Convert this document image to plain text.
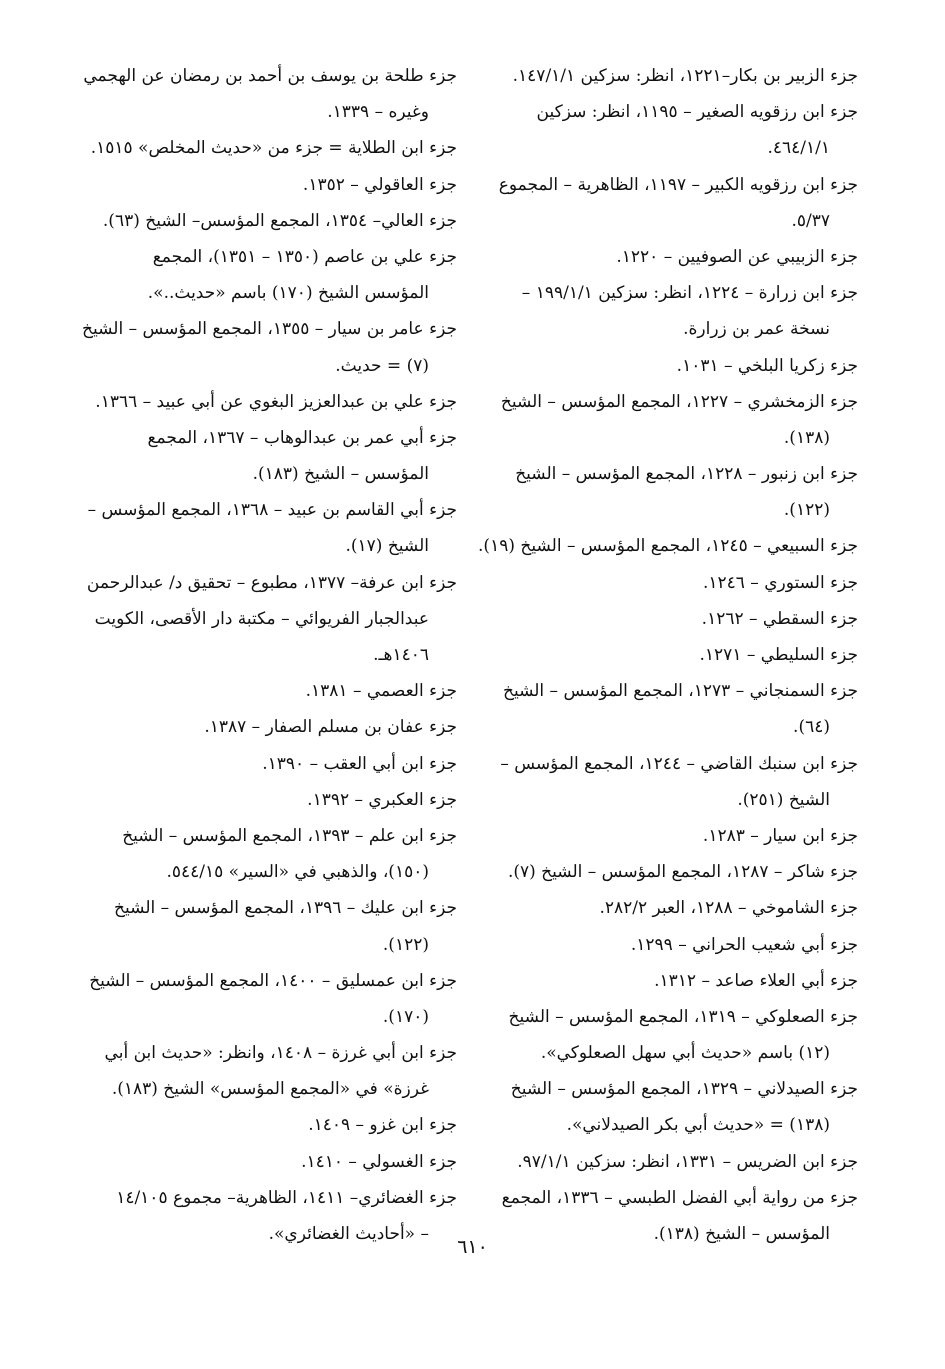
جزء الزبير بن بكار–١٢٢١، انظر: سزكين ١٤٧/١/١.
جزء ابن رزقويه الصغير – ١١٩٥، انظر: سزكين
٤٦٤/١/١.
جزء ابن رزقويه الكبير – ١١٩٧، الظاهرية – المجموع
٥/٣٧.
جزء الزبيبي عن الصوفيين – ١٢٢٠.
جزء ابن زرارة – ١٢٢٤، انظر: سزكين ١٩٩/١/١ –
نسخة عمر بن زرارة.
جزء زكريا البلخي – ١٠٣١.
جزء الزمخشري – ١٢٢٧، المجمع المؤسس – الشيخ
(١٣٨).
جزء ابن زنبور – ١٢٢٨، المجمع المؤسس – الشيخ
(١٢٢).
جزء السبيعي – ١٢٤٥، المجمع المؤسس – الشيخ (١٩).
جزء الستوري – ١٢٤٦.
جزء السقطي – ١٢٦٢.
جزء السليطي – ١٢٧١.
جزء السمنجاني – ١٢٧٣، المجمع المؤسس – الشيخ
(٦٤).
جزء ابن سنبك القاضي – ١٢٤٤، المجمع المؤسس –
الشيخ (٢٥١).
جزء ابن سيار – ١٢٨٣.
جزء شاكر – ١٢٨٧، المجمع المؤسس – الشيخ (٧).
جزء الشاموخي – ١٢٨٨، العبر ٢٨٢/٢.
جزء أبي شعيب الحراني – ١٢٩٩.
جزء أبي العلاء صاعد – ١٣١٢.
جزء الصعلوكي – ١٣١٩، المجمع المؤسس – الشيخ
(١٢) باسم «حديث أبي سهل الصعلوكي».
جزء الصيدلاني – ١٣٢٩، المجمع المؤسس – الشيخ
(١٣٨) = «حديث أبي بكر الصيدلاني».
جزء ابن الضريس – ١٣٣١، انظر: سزكين ٩٧/١/١.
جزء من رواية أبي الفضل الطبسي – ١٣٣٦، المجمع
المؤسس – الشيخ (١٣٨).
جزء طلحة بن يوسف بن أحمد بن رمضان عن الهجمي
وغيره – ١٣٣٩.
جزء ابن الطلاية = جزء من «حديث المخلص» ١٥١٥.
جزء العاقولي – ١٣٥٢.
جزء العالي– ١٣٥٤، المجمع المؤسس– الشيخ (٦٣).
جزء علي بن عاصم (١٣٥٠ – ١٣٥١)، المجمع
المؤسس الشيخ (١٧٠) باسم «حديث..».
جزء عامر بن سيار – ١٣٥٥، المجمع المؤسس – الشيخ
(٧) = حديث.
جزء علي بن عبدالعزيز البغوي عن أبي عبيد – ١٣٦٦.
جزء أبي عمر بن عبدالوهاب – ١٣٦٧، المجمع
المؤسس – الشيخ (١٨٣).
جزء أبي القاسم بن عبيد – ١٣٦٨، المجمع المؤسس –
الشيخ (١٧).
جزء ابن عرفة– ١٣٧٧، مطبوع – تحقيق د/ عبدالرحمن
عبدالجبار الفريوائي – مكتبة دار الأقصى، الكويت
١٤٠٦هـ.
جزء العصمي – ١٣٨١.
جزء عفان بن مسلم الصفار – ١٣٨٧.
جزء ابن أبي العقب – ١٣٩٠.
جزء العكبري – ١٣٩٢.
جزء ابن علم – ١٣٩٣، المجمع المؤسس – الشيخ
(١٥٠)، والذهبي في «السير» ٥٤٤/١٥.
جزء ابن عليك – ١٣٩٦، المجمع المؤسس – الشيخ
(١٢٢).
جزء ابن عمسليق – ١٤٠٠، المجمع المؤسس – الشيخ
(١٧٠).
جزء ابن أبي غرزة – ١٤٠٨، وانظر: «حديث ابن أبي
غرزة» في «المجمع المؤسس» الشيخ (١٨٣).
جزء ابن غزو – ١٤٠٩.
جزء الغسولي – ١٤١٠.
جزء الغضائري– ١٤١١، الظاهرية– مجموع ١٤/١٠٥
– «أحاديث الغضائري».
٦١٠
